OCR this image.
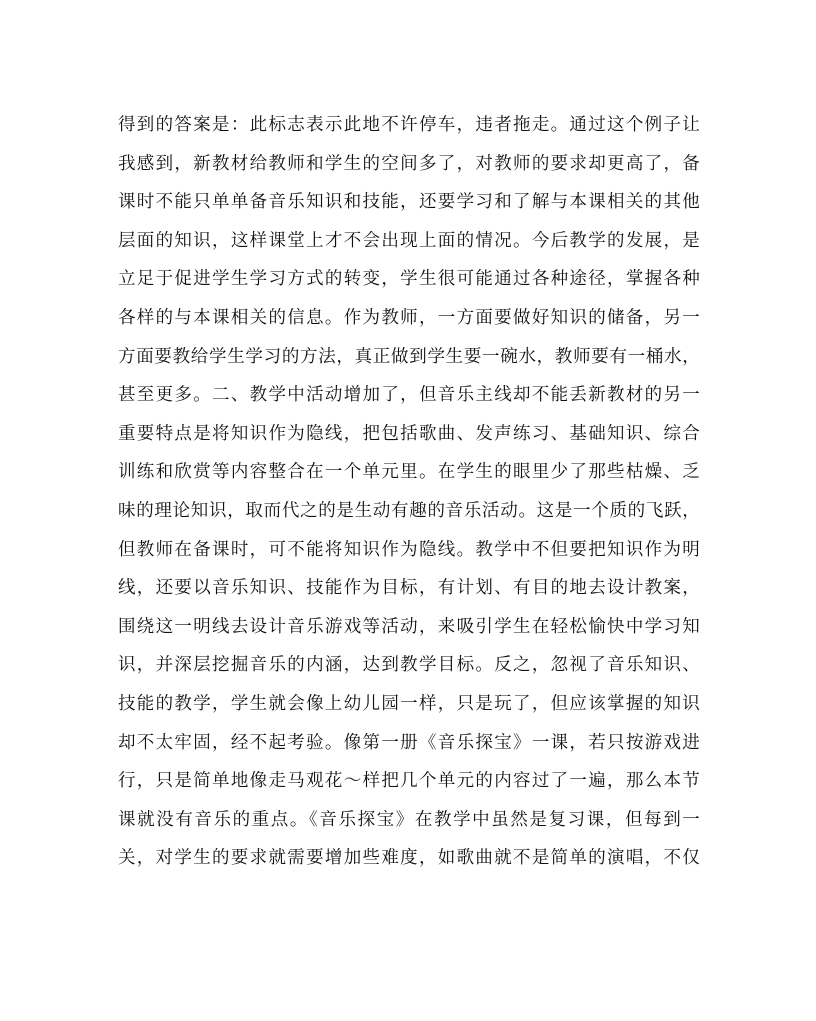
得到的答案是：此标志表示此地不许停车，违者拖走。通过这个例子让
我感到，新教材给教师和学生的空间多了，对教师的要求却更高了，备
课时不能只单单备音乐知识和技能，还要学习和了解与本课相关的其他
层面的知识，这样课堂上才不会出现上面的情况。今后教学的发展，是
立足于促进学生学习方式的转变，学生很可能通过各种途径，掌握各种
各样的与本课相关的信息。作为教师，一方面要做好知识的储备，另一
方面要教给学生学习的方法，真正做到学生要一碗水，教师要有一桶水，
甚至更多。二、教学中活动增加了，但音乐主线却不能丢新教材的另一
重要特点是将知识作为隐线，把包括歌曲、发声练习、基础知识、综合
训练和欣赏等内容整合在一个单元里。在学生的眼里少了那些枯燥、乏
味的理论知识，取而代之的是生动有趣的音乐活动。这是一个质的飞跃，
但教师在备课时，可不能将知识作为隐线。教学中不但要把知识作为明
线，还要以音乐知识、技能作为目标，有计划、有目的地去设计教案，
围绕这一明线去设计音乐游戏等活动，来吸引学生在轻松愉快中学习知
识，并深层挖掘音乐的内涵，达到教学目标。反之，忽视了音乐知识、
技能的教学，学生就会像上幼儿园一样，只是玩了，但应该掌握的知识
却不太牢固，经不起考验。像第一册《音乐探宝》一课，若只按游戏进
行，只是简单地像走马观花～样把几个单元的内容过了一遍，那么本节
课就没有音乐的重点。《音乐探宝》在教学中虽然是复习课，但每到一
关，对学生的要求就需要增加些难度，如歌曲就不是简单的演唱，不仅
